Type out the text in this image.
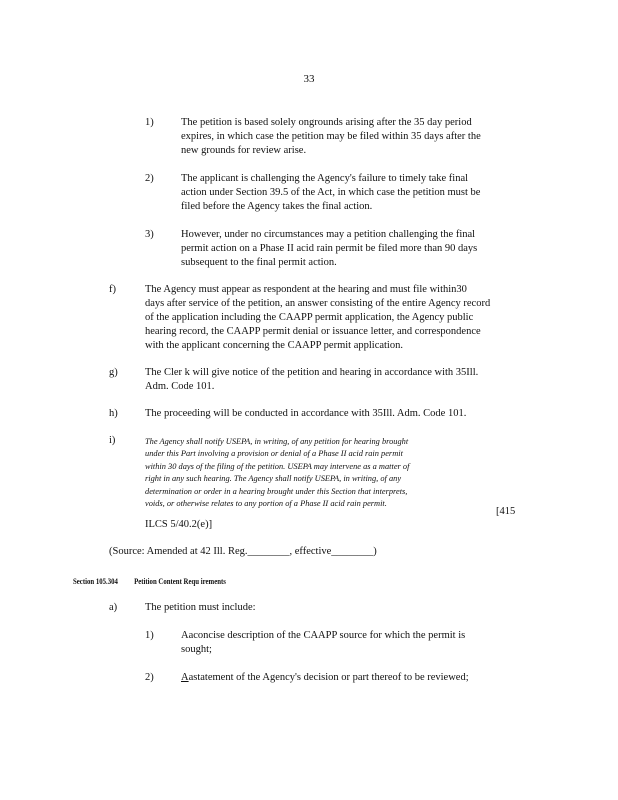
33
1)	The petition is based solely ongrounds arising after the 35 day period
expires, in which case the petition may be filed within 35 days after the
new grounds for review arise.
2)	The applicant is challenging the Agency's failure to timely take final
action under Section 39.5 of the Act, in which case the petition must be
filed before the Agency takes the final action.
3)	However, under no circumstances may a petition challenging the final
permit action on a Phase II acid rain permit be filed more than 90 days
subsequent to the final permit action.
f)	The Agency must appear as respondent at the hearing and must file within30
days after service of the petition, an answer consisting of the entire Agency record
of the application including the CAAPP permit application, the Agency public
hearing record, the CAAPP permit denial or issuance letter, and correspondence
with the applicant concerning the CAAPP permit application.
g)	The Cler k will give notice of the petition and hearing in accordance with 35Ill.
Adm. Code 101.
h)	The proceeding will be conducted in accordance with 35Ill. Adm. Code 101.
i)	The Agency shall notify USEPA, in writing, of any petition for hearing brought
under this Part involving a provision or denial of a Phase II acid rain permit
within 30 days of the filing of the petition. USEPA may intervene as a matter of
right in any such hearing. The Agency shall notify USEPA, in writing, of any
determination or order in a hearing brought under this Section that interprets,
voids, or otherwise relates to any portion of a Phase II acid rain permit.
[415
ILCS 5/40.2(e)]
(Source: Amended at 42 Ill. Reg.________, effective________)
Section 105.304 Petition Content Requ irements
a)	The petition must include:
1)	Aaconcise description of the CAAPP source for which the permit is
sought;
2)	Aastatement of the Agency's decision or part thereof to be reviewed;
